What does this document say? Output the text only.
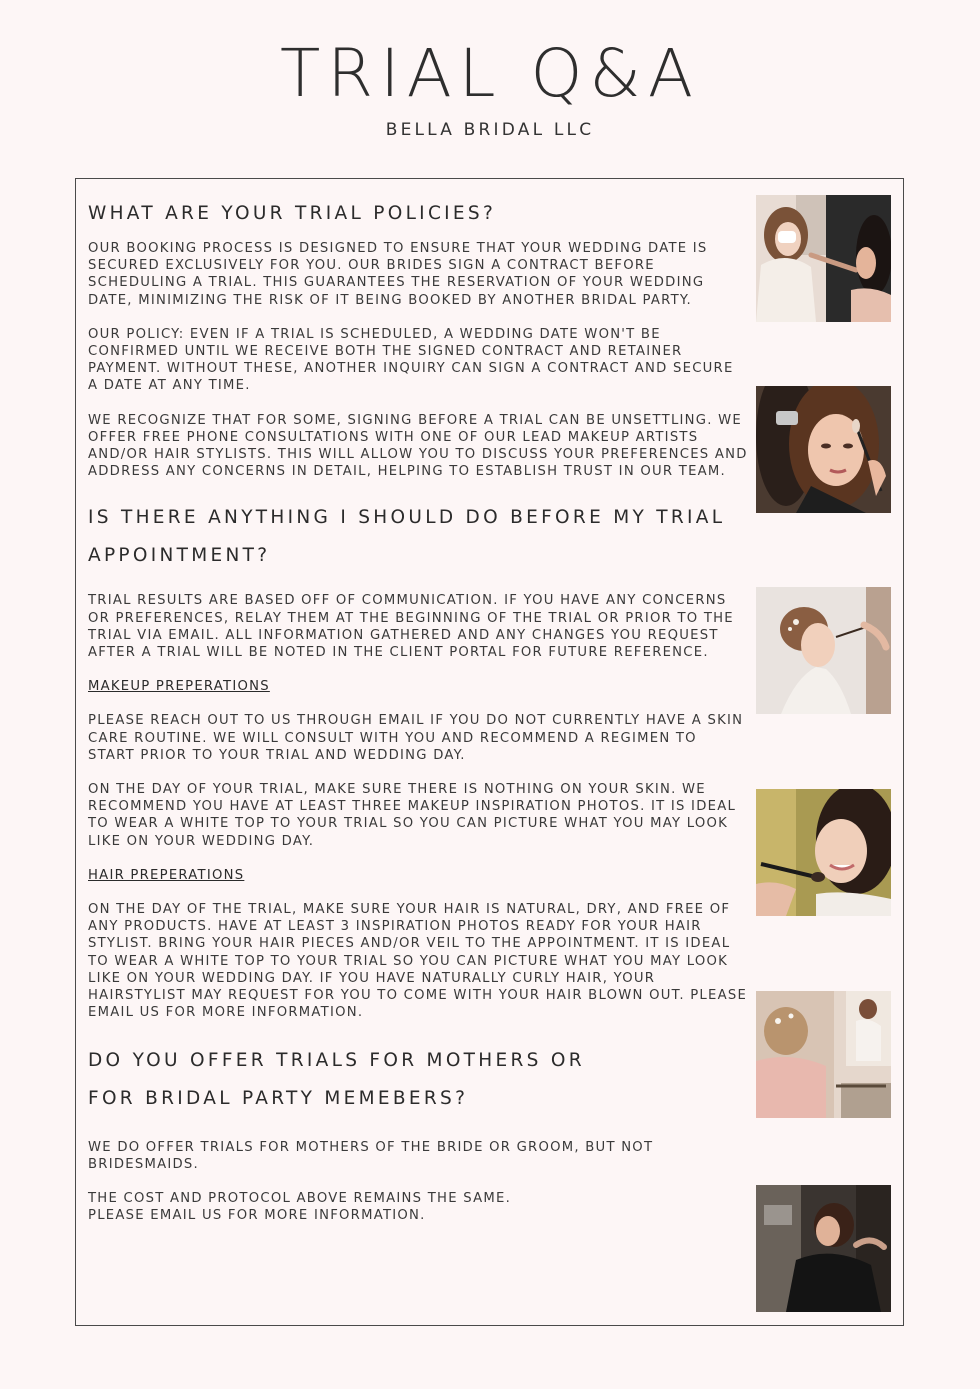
TRIAL Q&A
BELLA BRIDAL LLC
WHAT ARE YOUR TRIAL POLICIES?

OUR BOOKING PROCESS IS DESIGNED TO ENSURE THAT YOUR WEDDING DATE IS SECURED EXCLUSIVELY FOR YOU. OUR BRIDES SIGN A CONTRACT BEFORE SCHEDULING A TRIAL. THIS GUARANTEES THE RESERVATION OF YOUR WEDDING DATE, MINIMIZING THE RISK OF IT BEING BOOKED BY ANOTHER BRIDAL PARTY.

OUR POLICY: EVEN IF A TRIAL IS SCHEDULED, A WEDDING DATE WON'T BE CONFIRMED UNTIL WE RECEIVE BOTH THE SIGNED CONTRACT AND RETAINER PAYMENT. WITHOUT THESE, ANOTHER INQUIRY CAN SIGN A CONTRACT AND SECURE A DATE AT ANY TIME.

WE RECOGNIZE THAT FOR SOME, SIGNING BEFORE A TRIAL CAN BE UNSETTLING. WE OFFER FREE PHONE CONSULTATIONS WITH ONE OF OUR LEAD MAKEUP ARTISTS AND/OR HAIR STYLISTS. THIS WILL ALLOW YOU TO DISCUSS YOUR PREFERENCES AND ADDRESS ANY CONCERNS IN DETAIL, HELPING TO ESTABLISH TRUST IN OUR TEAM.

IS THERE ANYTHING I SHOULD DO BEFORE MY TRIAL
APPOINTMENT?

TRIAL RESULTS ARE BASED OFF OF COMMUNICATION. IF YOU HAVE ANY CONCERNS OR PREFERENCES, RELAY THEM AT THE BEGINNING OF THE TRIAL OR PRIOR TO THE TRIAL VIA EMAIL. ALL INFORMATION GATHERED AND ANY CHANGES YOU REQUEST AFTER A TRIAL WILL BE NOTED IN THE CLIENT PORTAL FOR FUTURE REFERENCE.

MAKEUP PREPERATIONS

PLEASE REACH OUT TO US THROUGH EMAIL IF YOU DO NOT CURRENTLY HAVE A SKIN CARE ROUTINE. WE WILL CONSULT WITH YOU AND RECOMMEND A REGIMEN TO START PRIOR TO YOUR TRIAL AND WEDDING DAY.

ON THE DAY OF YOUR TRIAL, MAKE SURE THERE IS NOTHING ON YOUR SKIN. WE RECOMMEND YOU HAVE AT LEAST THREE MAKEUP INSPIRATION PHOTOS. IT IS IDEAL TO WEAR A WHITE TOP TO YOUR TRIAL SO YOU CAN PICTURE WHAT YOU MAY LOOK LIKE ON YOUR WEDDING DAY.

HAIR PREPERATIONS

ON THE DAY OF THE TRIAL, MAKE SURE YOUR HAIR IS NATURAL, DRY, AND FREE OF ANY PRODUCTS. HAVE AT LEAST 3 INSPIRATION PHOTOS READY FOR YOUR HAIR STYLIST. BRING YOUR HAIR PIECES AND/OR VEIL TO THE APPOINTMENT. IT IS IDEAL TO WEAR A WHITE TOP TO YOUR TRIAL SO YOU CAN PICTURE WHAT YOU MAY LOOK LIKE ON YOUR WEDDING DAY. IF YOU HAVE NATURALLY CURLY HAIR, YOUR HAIRSTYLIST MAY REQUEST FOR YOU TO COME WITH YOUR HAIR BLOWN OUT. PLEASE EMAIL US FOR MORE INFORMATION.

DO YOU OFFER TRIALS FOR MOTHERS OR
FOR BRIDAL PARTY MEMEBERS?

WE DO OFFER TRIALS FOR MOTHERS OF THE BRIDE OR GROOM, BUT NOT BRIDESMAIDS.

THE COST AND PROTOCOL ABOVE REMAINS THE SAME.

PLEASE EMAIL US FOR MORE INFORMATION.
